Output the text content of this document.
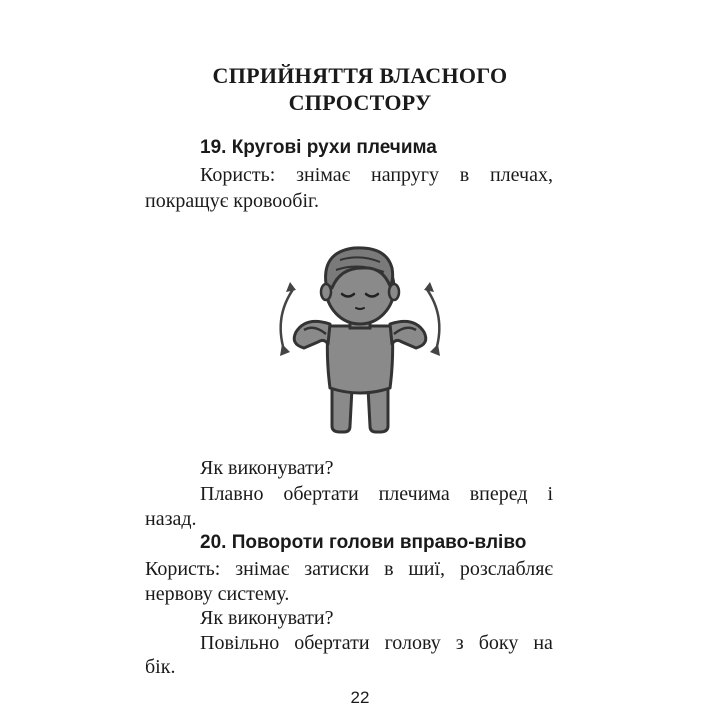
СПРИЙНЯТТЯ ВЛАСНОГО
СПРОСТОРУ
19. Кругові рухи плечима
Користь: знімає напругу в плечах,
покращує кровообіг.
Як виконувати?
Плавно обертати плечима вперед і
назад.
20. Повороти голови вправо-вліво
Користь: знімає затиски в шиї, розслабляє
нервову систему.
Як виконувати?
Повільно обертати голову з боку на
бік.
22
